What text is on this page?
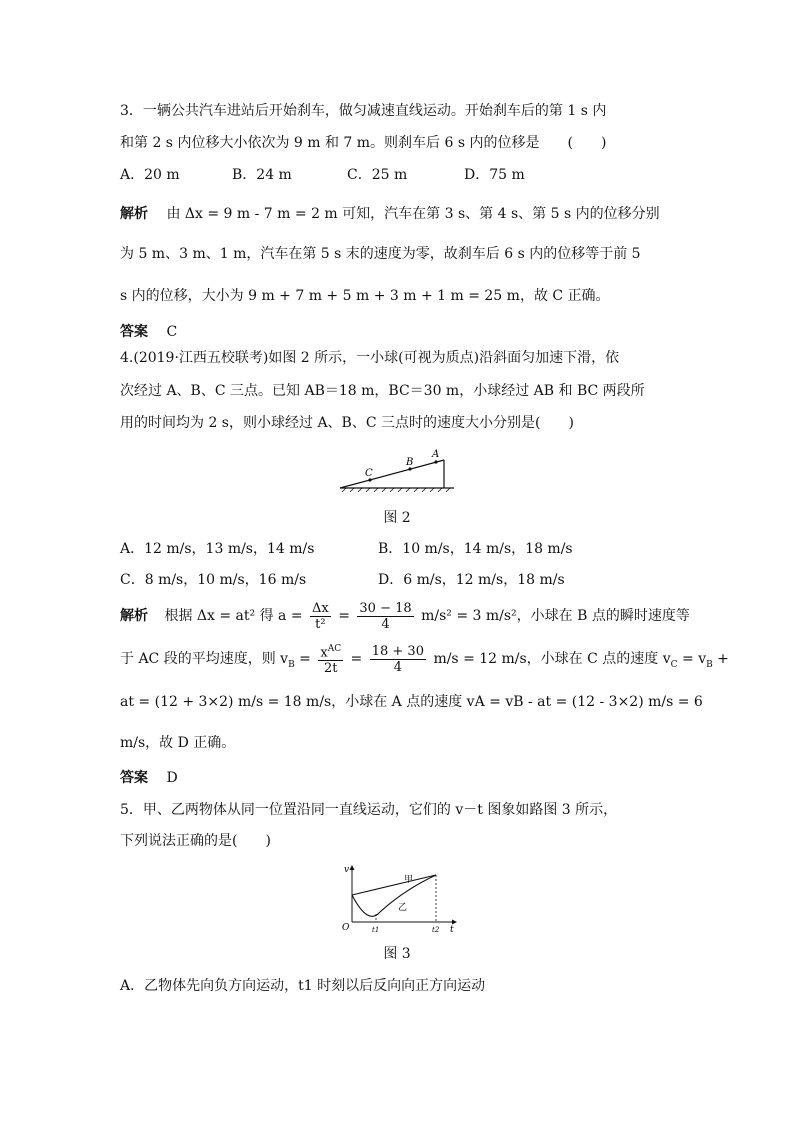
3．一辆公共汽车进站后开始刹车，做匀减速直线运动。开始刹车后的第 1 s 内
和第 2 s 内位移大小依次为 9 m 和 7 m。则刹车后 6 s 内的位移是　　(　　)
A．20 m	B．24 m	C．25 m	D．75 m
解析 由 Δx = 9 m - 7 m = 2 m 可知，汽车在第 3 s、第 4 s、第 5 s 内的位移分别
为 5 m、3 m、1 m，汽车在第 5 s 末的速度为零，故刹车后 6 s 内的位移等于前 5
s 内的位移，大小为 9 m + 7 m + 5 m + 3 m + 1 m = 25 m，故 C 正确。
答案 C
4.(2019·江西五校联考)如图 2 所示，一小球(可视为质点)沿斜面匀加速下滑，依
次经过 A、B、C 三点。已知 AB＝18 m，BC＝30 m，小球经过 AB 和 BC 两段所
用的时间均为 2 s，则小球经过 A、B、C 三点时的速度大小分别是(　　)
C
B
A
图 2
A．12 m/s，13 m/s，14 m/s	B．10 m/s，14 m/s，18 m/s
C．8 m/s，10 m/s，16 m/s	D．6 m/s，12 m/s，18 m/s
解析 根据 Δx = at² 得 $a = \frac{\Delta x}{\text{t²}} = \frac{30 - 18}{4} m/s^2 = 3$ m/s²，小球在 B 点的瞬时速度等
于 AC 段的平均速度，则 $v_B = \frac{x^{AC}}{2t} = \frac{18 + 30}{4} m/s = 12$ m/s，小球在 C 点的速度 $v_C = v_B$ +
at = (12 + 3×2) m/s = 18 m/s，小球在 A 点的速度 vA = vB - at = (12 - 3×2) m/s = 6
m/s，故 D 正确。
答案 D
5．甲、乙两物体从同一位置沿同一直线运动，它们的 v－t 图象如路图 3 所示，
下列说法正确的是(　　)
v
t
O	t1	t2
甲
乙
图 3
A．乙物体先向负方向运动，t1 时刻以后反向向正方向运动
